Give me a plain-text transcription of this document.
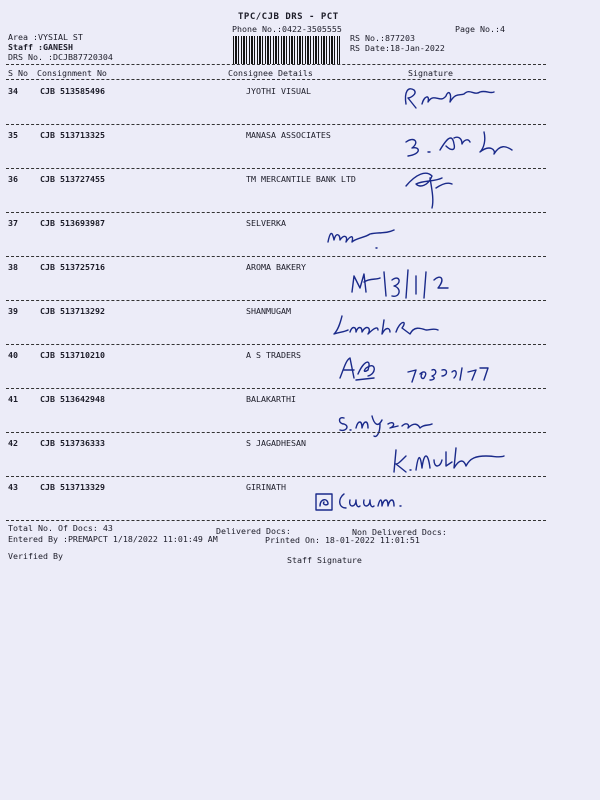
TPC/CJB DRS - PCT
Phone No.:0422-3505555	Page No.:4
Area :VYSIAL ST
Staff :GANESH
DRS No. :DCJB87720304
RS No.:877203
RS Date:18-Jan-2022
S No Consignment No	Consignee Details	Signature
34	CJB 513585496	JYOTHI VISUAL
35	CJB 513713325	MANASA ASSOCIATES
36	CJB 513727455	TM MERCANTILE BANK LTD
37	CJB 513693987	SELVERKA
38	CJB 513725716	AROMA BAKERY
39	CJB 513713292	SHANMUGAM
40	CJB 513710210	A S TRADERS
41	CJB 513642948	BALAKARTHI
42	CJB 513736333	S JAGADHESAN
43	CJB 513713329	GIRINATH
Total No. Of Docs: 43	Delivered Docs:	Non Delivered Docs:
Entered By :PREMAPCT 1/18/2022 11:01:49 AM	Printed On: 18-01-2022 11:01:51
Verified By	Staff Signature
